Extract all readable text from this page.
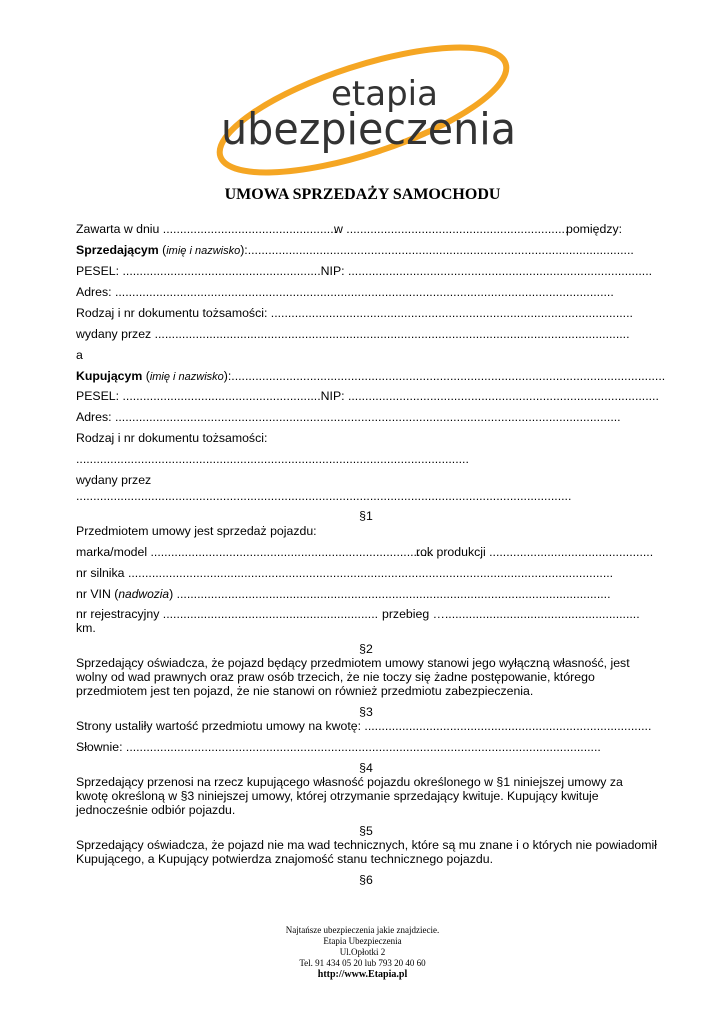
etapia
ubezpieczenia
UMOWA SPRZEDAŻY SAMOCHODU
Zawarta w dniu ...................................................
w .................................................................
pomiędzy:
Sprzedającym (imię i nazwisko):.................................................................................................................
PESEL: ..........................................................NIP: .........................................................................................
Adres: ..................................................................................................................................................
Rodzaj i nr dokumentu tożsamości: ..........................................................................................................
wydany przez ...........................................................................................................................................
a
Kupującym (imię i nazwisko):...............................................................................................................................
PESEL: ..........................................................NIP: ...........................................................................................
Adres: ....................................................................................................................................................
Rodzaj i nr dokumentu tożsamości:
...................................................................................................................
wydany przez
.................................................................................................................................................
§1
Przedmiotem umowy jest sprzedaż pojazdu:
marka/model ...................................................................................
rok produkcji ................................................
nr silnika ..............................................................................................................................................
nr VIN (nadwozia) ...............................................................................................................................
nr rejestracyjny ............................................................... przebieg ….........................................................
km.
§2
Sprzedający oświadcza, że pojazd będący przedmiotem umowy stanowi jego wyłączną własność, jest wolny od wad prawnych oraz praw osób trzecich, że nie toczy się żadne postępowanie, którego przedmiotem jest ten pojazd, że nie stanowi on również przedmiotu zabezpieczenia.
§3
Strony ustaliły wartość przedmiotu umowy na kwotę: ....................................................................................
Słownie: ...........................................................................................................................................
§4
Sprzedający przenosi na rzecz kupującego własność pojazdu określonego w §1 niniejszej umowy za kwotę określoną w §3 niniejszej umowy, której otrzymanie sprzedający kwituje. Kupujący kwituje jednocześnie odbiór pojazdu.
§5
Sprzedający oświadcza, że pojazd nie ma wad technicznych, które są mu znane i o których nie powiadomił Kupującego, a Kupujący potwierdza znajomość stanu technicznego pojazdu.
§6
Najtańsze ubezpieczenia jakie znajdziecie.
Etapia Ubezpieczenia
Ul.Opłotki 2
Tel. 91 434 05 20 lub 793 20 40 60
http://www.Etapia.pl
